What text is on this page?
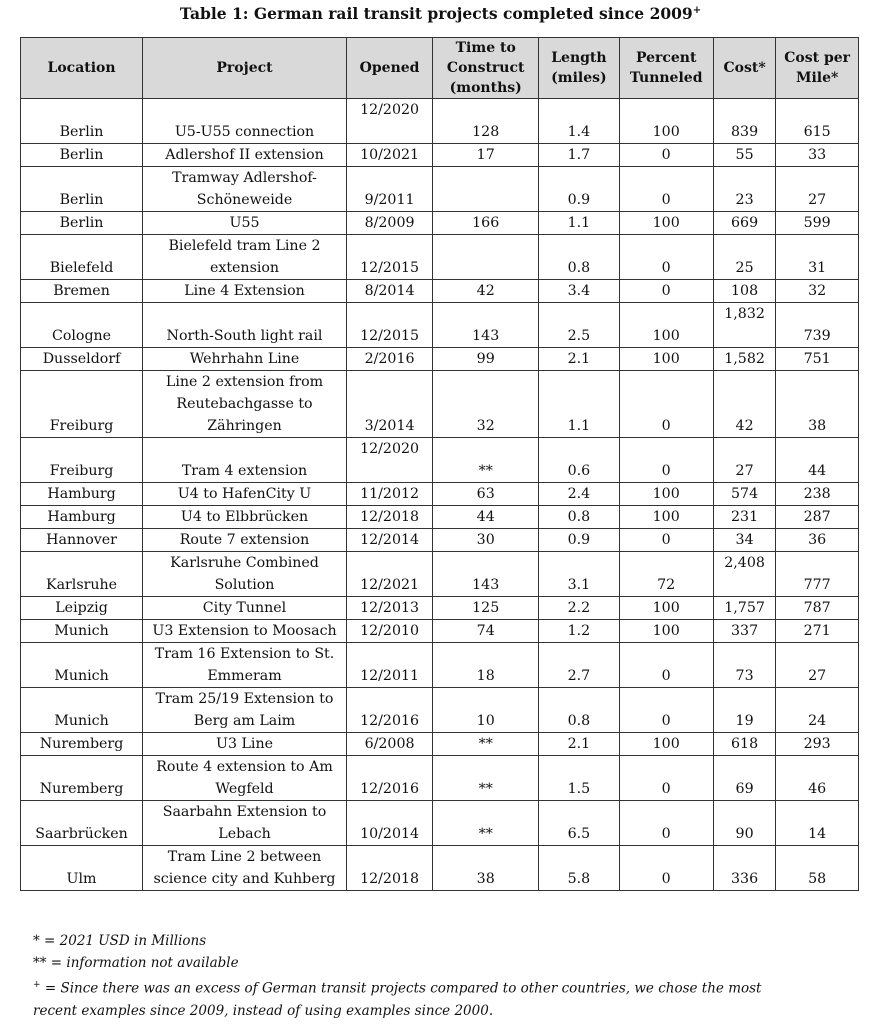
Table 1: German rail transit projects completed since 2009+
Location	Project	Opened	Time to Construct (months)	Length (miles)	Percent Tunneled	Cost*	Cost per Mile*
Berlin	U5-U55 connection	12/2020	128	1.4	100	839	615
Berlin	Adlershof II extension	10/2021	17	1.7	0	55	33
Berlin	Tramway Adlershof-Schöneweide	9/2011		0.9	0	23	27
Berlin	U55	8/2009	166	1.1	100	669	599
Bielefeld	Bielefeld tram Line 2 extension	12/2015		0.8	0	25	31
Bremen	Line 4 Extension	8/2014	42	3.4	0	108	32
Cologne	North-South light rail	12/2015	143	2.5	100	1,832	739
Dusseldorf	Wehrhahn Line	2/2016	99	2.1	100	1,582	751
Freiburg	Line 2 extension from Reutebachgasse to Zähringen	3/2014	32	1.1	0	42	38
Freiburg	Tram 4 extension	12/2020	**	0.6	0	27	44
Hamburg	U4 to HafenCity U	11/2012	63	2.4	100	574	238
Hamburg	U4 to Elbbrücken	12/2018	44	0.8	100	231	287
Hannover	Route 7 extension	12/2014	30	0.9	0	34	36
Karlsruhe	Karlsruhe Combined Solution	12/2021	143	3.1	72	2,408	777
Leipzig	City Tunnel	12/2013	125	2.2	100	1,757	787
Munich	U3 Extension to Moosach	12/2010	74	1.2	100	337	271
Munich	Tram 16 Extension to St. Emmeram	12/2011	18	2.7	0	73	27
Munich	Tram 25/19 Extension to Berg am Laim	12/2016	10	0.8	0	19	24
Nuremberg	U3 Line	6/2008	**	2.1	100	618	293
Nuremberg	Route 4 extension to Am Wegfeld	12/2016	**	1.5	0	69	46
Saarbrücken	Saarbahn Extension to Lebach	10/2014	**	6.5	0	90	14
Ulm	Tram Line 2 between science city and Kuhberg	12/2018	38	5.8	0	336	58
* = 2021 USD in Millions
** = information not available
+ = Since there was an excess of German transit projects compared to other countries, we chose the most recent examples since 2009, instead of using examples since 2000.
